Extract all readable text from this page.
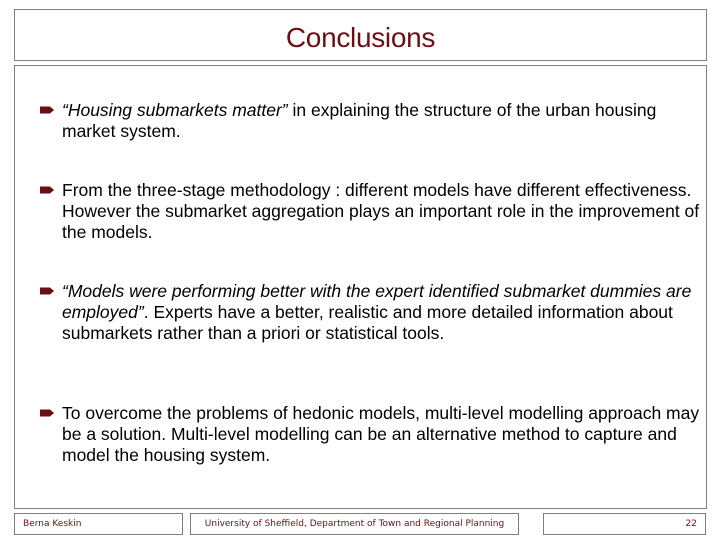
Conclusions
“Housing submarkets matter” in explaining the structure of the urban housing market system.
From the three-stage methodology : different models have different effectiveness. However the submarket aggregation plays an important role in the improvement of the models.
“Models were performing better with the expert identified submarket dummies are employed”. Experts have a better, realistic and more detailed information about submarkets rather than a priori or statistical tools.
To overcome the problems of hedonic models, multi-level modelling approach may be a solution. Multi-level modelling can be an alternative method to capture and model the housing system.
Berna Keskin	University of Sheffield, Department of Town and Regional Planning	22
